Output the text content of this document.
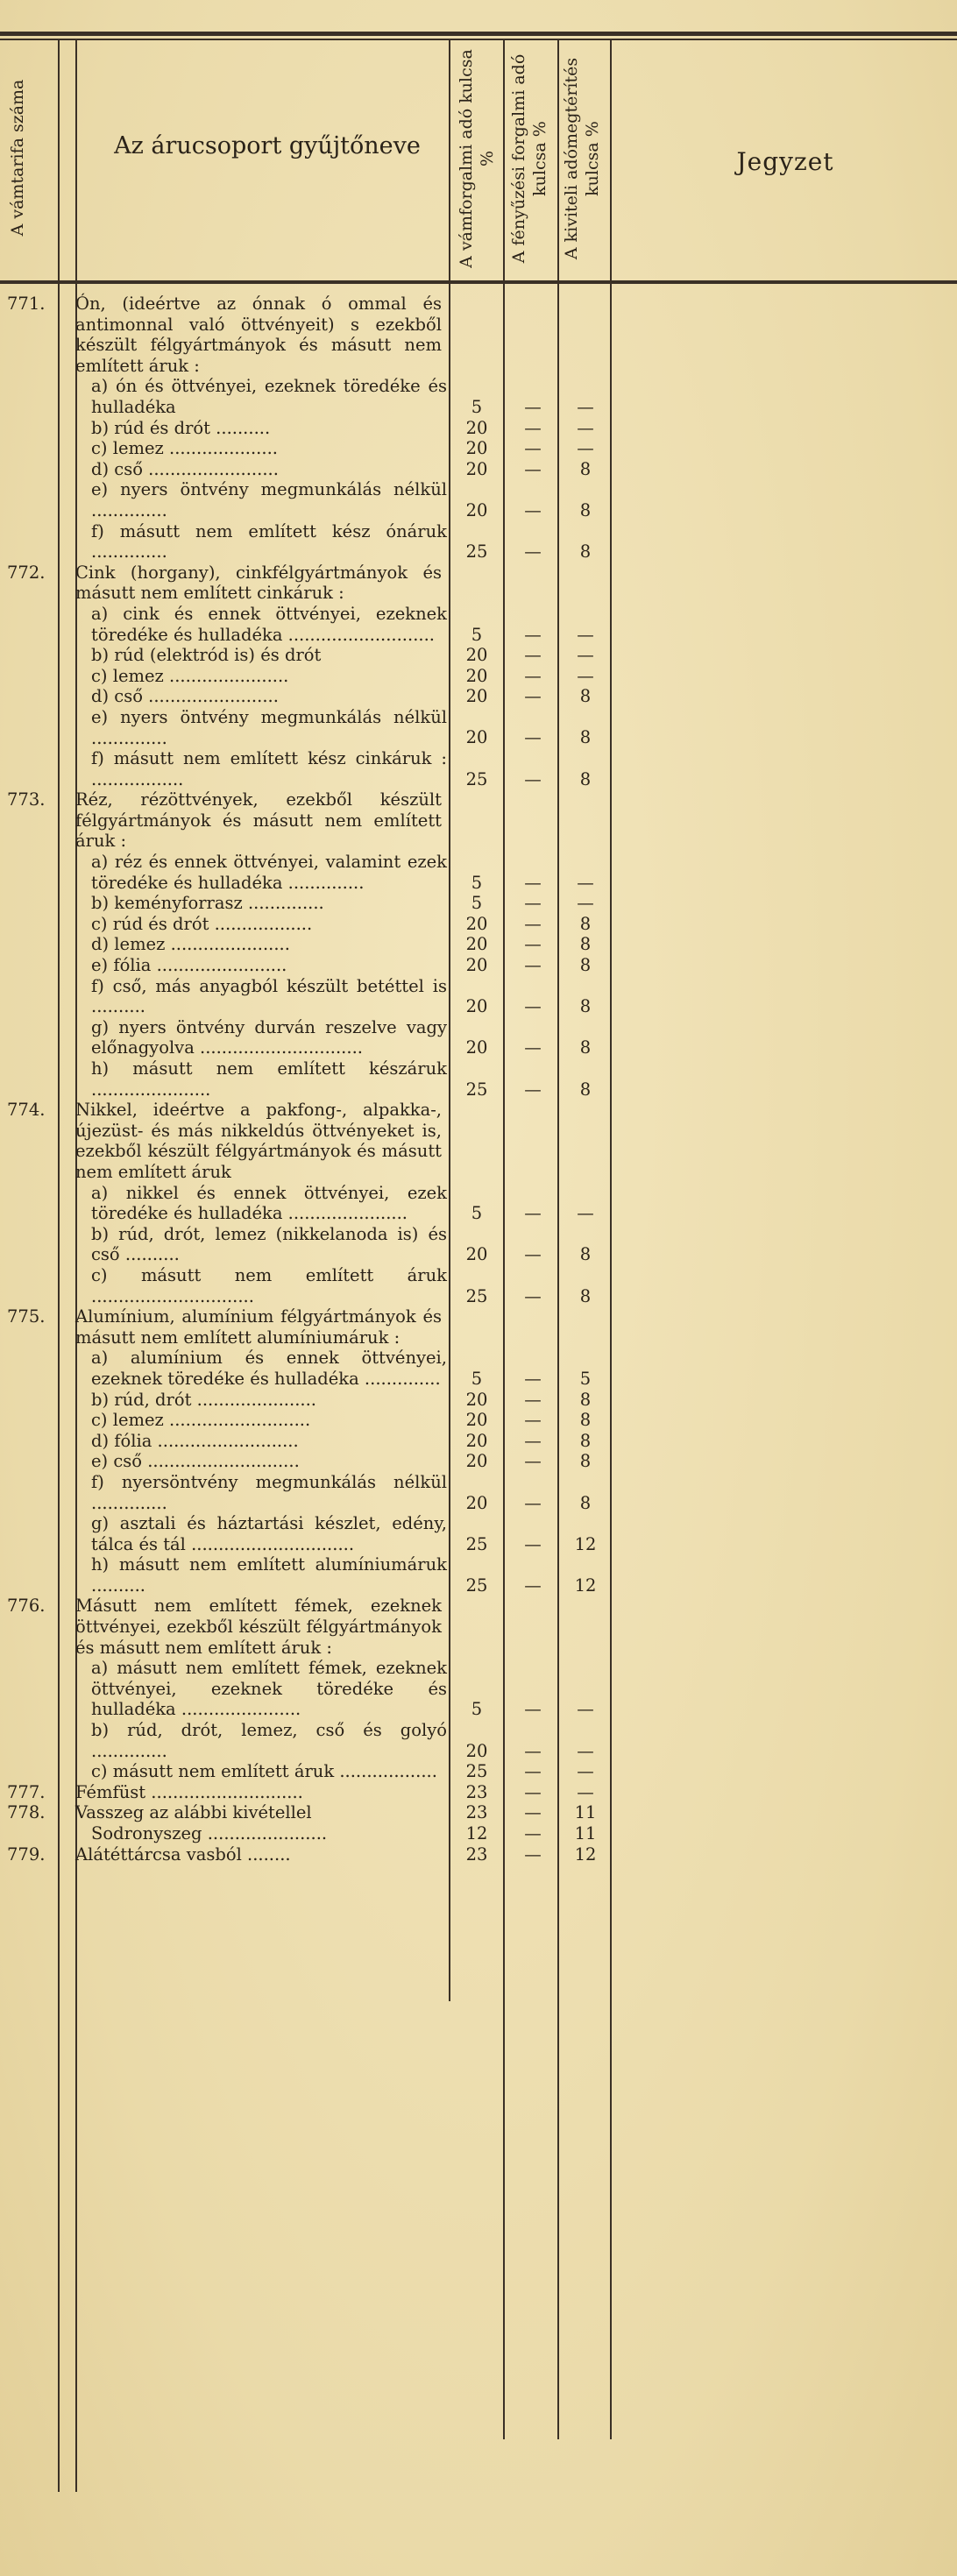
A vámtarifa száma	Az árucsoport gyűjtőneve	A vámforgalmi adó kulcsa % A fényűzési forgalmi adó kulcsa % A kiviteli adómegtérítés kulcsa %	Jegyzet
771.	Ón, (ideértve az ónnak ó ommal és antimonnal való öttvényeit) s ezekből készült félgyártmányok és másutt nem említett áruk :
a) ón és öttvényei, ezeknek töredéke és hulladéka	5	—	—
b) rúd és drót ..........	20	—	—
c) lemez ....................	20	—	—
d) cső ........................	20	—	8
e) nyers öntvény megmunkálás nélkül ..............	20	—	8
f) másutt nem említett kész ónáruk ..............	25	—	8
772.	Cink (horgany), cinkfélgyártmányok és másutt nem említett cinkáruk :
a) cink és ennek öttvényei, ezeknek töredéke és hulladéka ...........................	5	—	—
b) rúd (elektród is) és drót	20	—	—
c) lemez ......................	20	—	—
d) cső ........................	20	—	8
e) nyers öntvény megmunkálás nélkül ..............	20	—	8
f) másutt nem említett kész cinkáruk : .................	25	—	8
773.	Réz, rézöttvények, ezekből készült félgyártmányok és másutt nem említett áruk :
a) réz és ennek öttvényei, valamint ezek töredéke és hulladéka ..............	5	—	—
b) keményforrasz ..............	5	—	—
c) rúd és drót ..................	20	—	8
d) lemez ......................	20	—	8
e) fólia ........................	20	—	8
f) cső, más anyagból készült betéttel is ..........	20	—	8
g) nyers öntvény durván reszelve vagy előnagyolva ..............................	20	—	8
h) másutt nem említett készáruk ......................	25	—	8
774.	Nikkel, ideértve a pakfong-, alpakka-, újezüst- és más nikkeldús öttvényeket is, ezekből készült félgyártmányok és másutt nem említett áruk
a) nikkel és ennek öttvényei, ezek töredéke és hulladéka ......................	5	—	—
b) rúd, drót, lemez (nikkelanoda is) és cső ..........	20	—	8
c) másutt nem említett áruk ..............................	25	—	8
775.	Alumínium, alumínium félgyártmányok és másutt nem említett alumíniumáruk :
a) alumínium és ennek öttvényei, ezeknek töredéke és hulladéka ..............	5	—	5
b) rúd, drót ......................	20	—	8
c) lemez ..........................	20	—	8
d) fólia ..........................	20	—	8
e) cső ............................	20	—	8
f) nyersöntvény megmunkálás nélkül ..............	20	—	8
g) asztali és háztartási készlet, edény, tálca és tál ..............................	25	—	12
h) másutt nem említett alumíniumáruk ..........	25	—	12
776.	Másutt nem említett fémek, ezeknek öttvényei, ezekből készült félgyártmányok és másutt nem említett áruk :
a) másutt nem említett fémek, ezeknek öttvényei, ezeknek töredéke és hulladéka ......................	5	—	—
b) rúd, drót, lemez, cső és golyó ..............	20	—	—
c) másutt nem említett áruk ..................	25	—	—
777.	Fémfüst ............................	23	—	—
778.	Vasszeg az alábbi kivétellel	23	—	11
Sodronyszeg ......................	12	—	11
779.	Alátéttárcsa vasból ........	23	—	12
